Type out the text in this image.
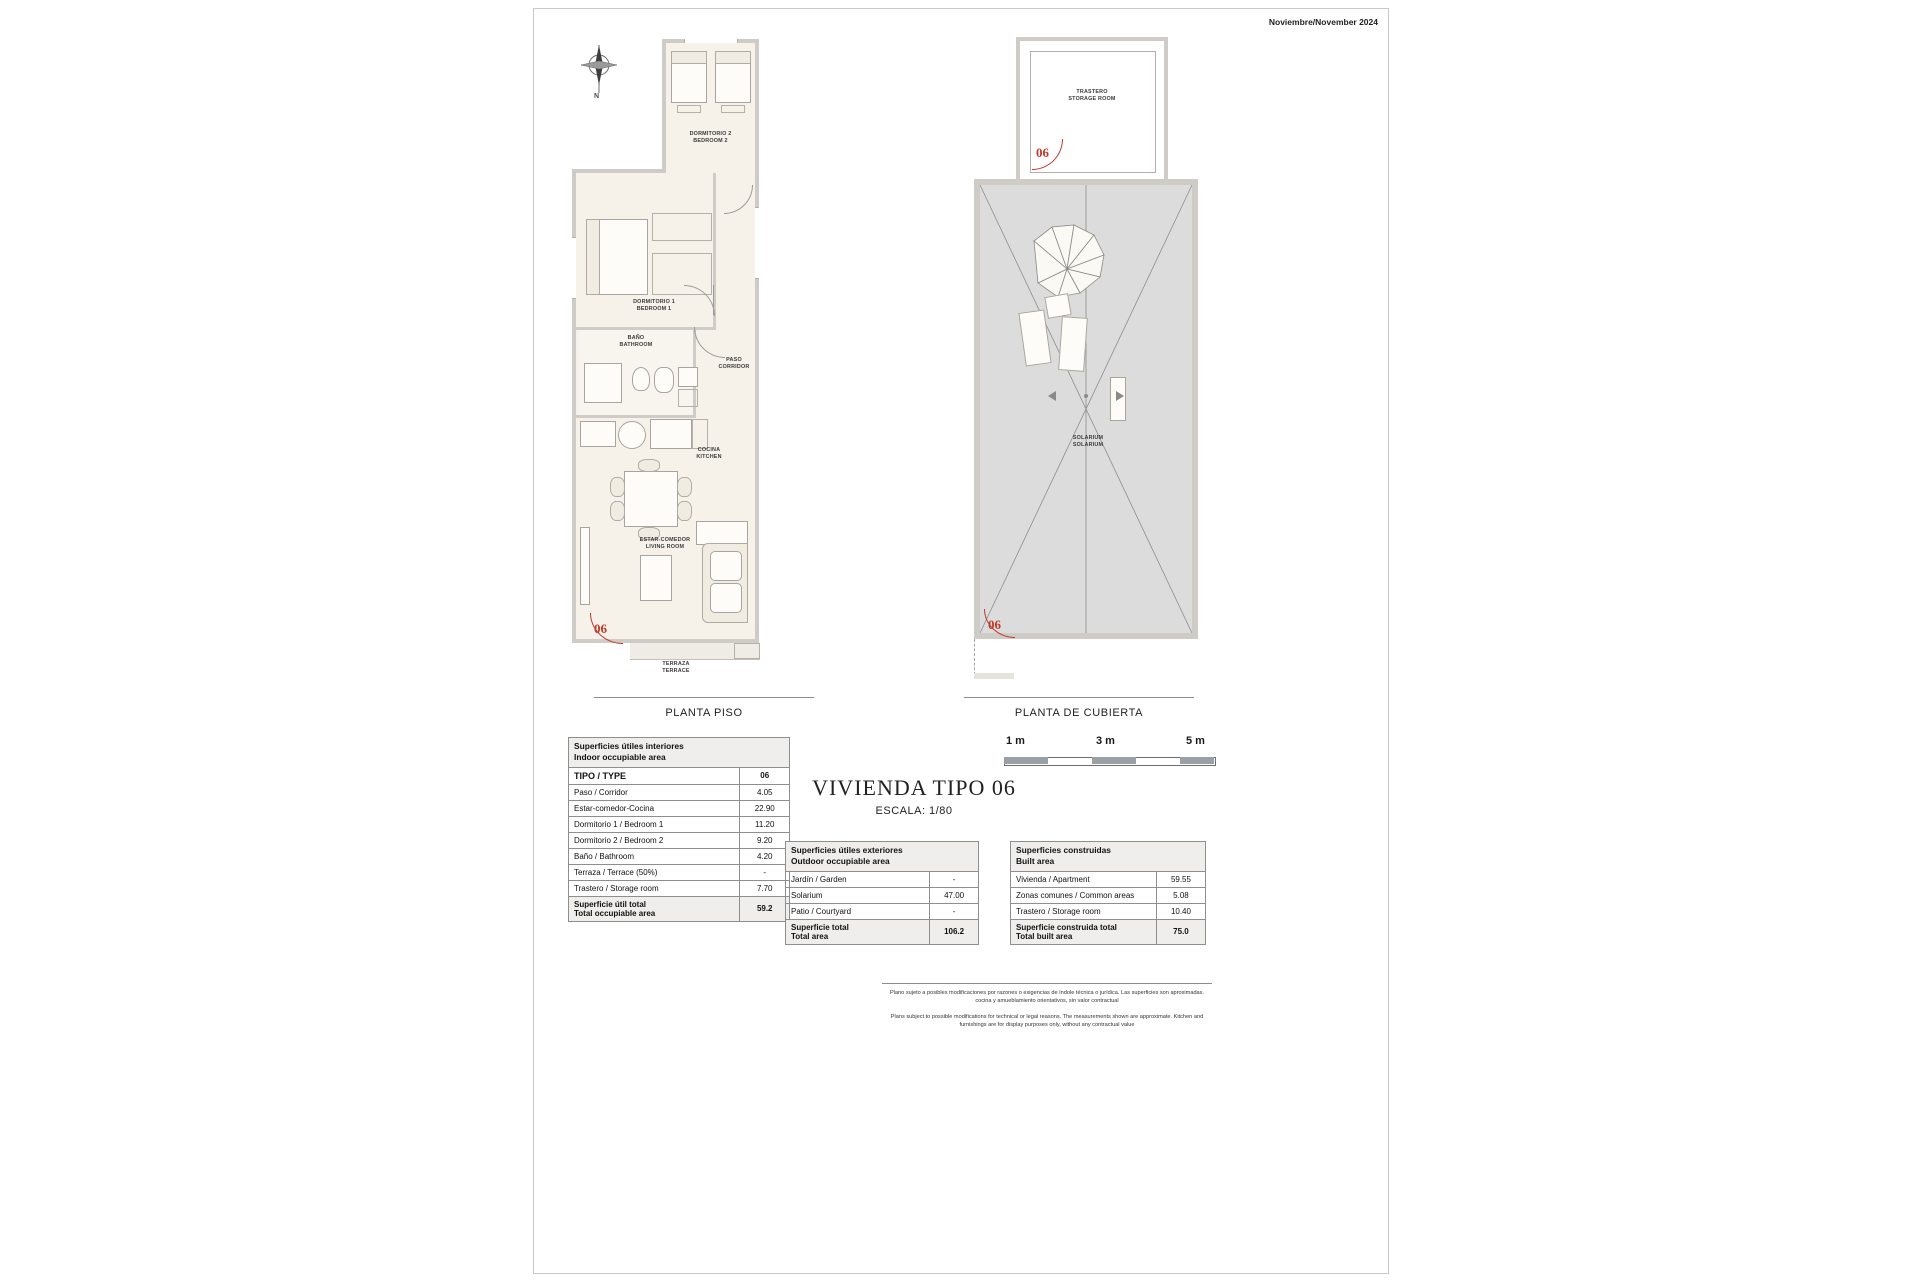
Noviembre/November 2024
N
DORMITORIO 2
BEDROOM 2
DORMITORIO 1
BEDROOM 1
BAÑO
BATHROOM
PASO
CORRIDOR
COCINA
KITCHEN
ESTAR-COMEDOR
LIVING ROOM
06
TERRAZA
TERRACE
TRASTERO
STORAGE ROOM
06
SOLARIUM
SOLARIUM
06
PLANTA PISO	PLANTA DE CUBIERTA
VIVIENDA TIPO 06
ESCALA: 1/80
1 m	3 m	5 m
Superficies útiles interiores
Indoor occupiable area	
TIPO / TYPE	06
Paso / Corridor	4.05
Estar-comedor-Cocina	22.90
Dormitorio 1 / Bedroom 1	11.20
Dormitorio 2 / Bedroom 2	9.20
Baño / Bathroom	4.20
Terraza / Terrace (50%)	-
Trastero / Storage room	7.70
Superficie útil total
Total occupiable area	59.2
Superficies útiles exteriores
Outdoor occupiable area	
Jardín / Garden	-
Solarium	47.00
Patio / Courtyard	-
Superficie total
Total area	106.2
Superficies construidas
Built area	
Vivienda / Apartment	59.55
Zonas comunes / Common areas	5.08
Trastero / Storage room	10.40
Superficie construida total
Total built area	75.0
Plano sujeto a posibles modificaciones por razones o exigencias de índole técnica o jurídica. Las superficies son aproximadas. cocina y amueblamiento orientativos, sin valor contractual
Plans subject to possible modifications for technical or legal reasons. The measurements shown are approximate. Kitchen and furnishings are for display purposes only, without any contractual value
